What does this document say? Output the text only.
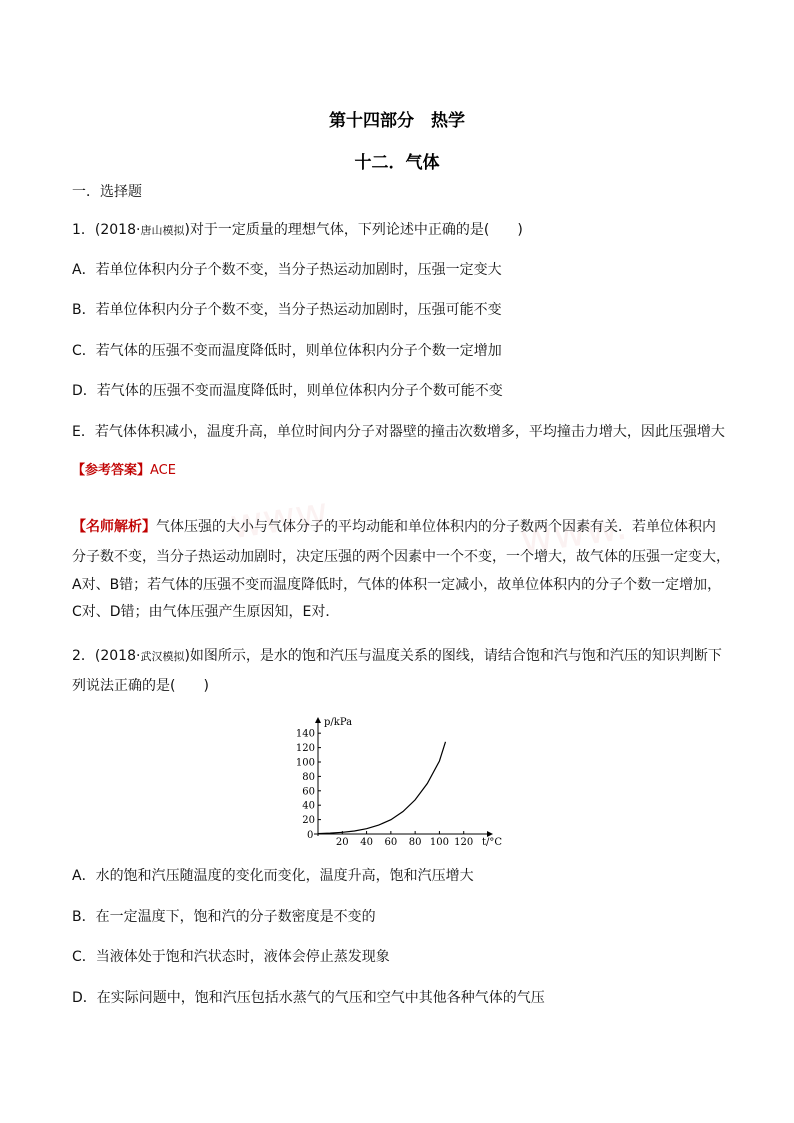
www.	www.
第十四部分　热学
十二．气体
一．选择题
1．(2018·唐山模拟)对于一定质量的理想气体，下列论述中正确的是(　　)
A．若单位体积内分子个数不变，当分子热运动加剧时，压强一定变大
B．若单位体积内分子个数不变，当分子热运动加剧时，压强可能不变
C．若气体的压强不变而温度降低时，则单位体积内分子个数一定增加
D．若气体的压强不变而温度降低时，则单位体积内分子个数可能不变
E．若气体体积减小，温度升高，单位时间内分子对器壁的撞击次数增多，平均撞击力增大，因此压强增大
【参考答案】ACE
【名师解析】气体压强的大小与气体分子的平均动能和单位体积内的分子数两个因素有关．若单位体积内
分子数不变，当分子热运动加剧时，决定压强的两个因素中一个不变，一个增大，故气体的压强一定变大，
A对、B错；若气体的压强不变而温度降低时，气体的体积一定减小，故单位体积内的分子个数一定增加，
C对、D错；由气体压强产生原因知，E对．
2．(2018·武汉模拟)如图所示，是水的饱和汽压与温度关系的图线，请结合饱和汽与饱和汽压的知识判断下
列说法正确的是(　　)
20 40 60 80 100 120
20
40
60
80
100
120
140
p/kPa
t/°C
0
A．水的饱和汽压随温度的变化而变化，温度升高，饱和汽压增大
B．在一定温度下，饱和汽的分子数密度是不变的
C．当液体处于饱和汽状态时，液体会停止蒸发现象
D．在实际问题中，饱和汽压包括水蒸气的气压和空气中其他各种气体的气压
